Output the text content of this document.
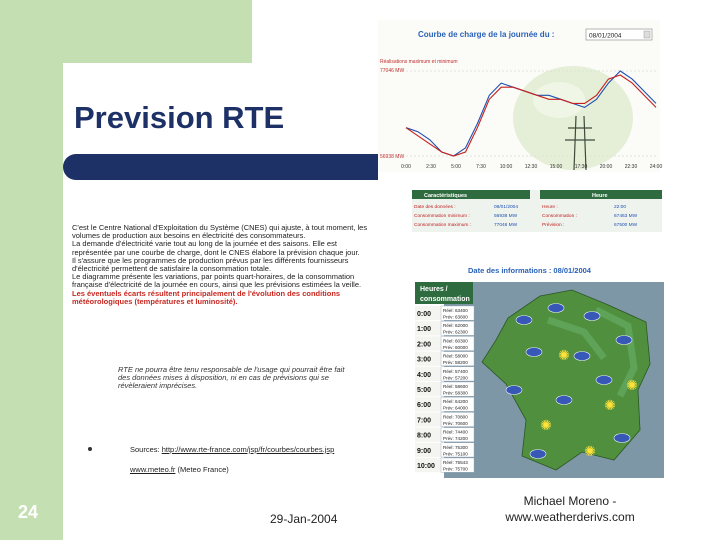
Prevision RTE

C'est le Centre National d'Exploitation du Système (CNES) qui ajuste, à tout moment, les volumes de production aux besoins en électricité des consommateurs.

La demande d'électricité varie tout au long de la journée et des saisons. Elle est représentée par une courbe de charge, dont le CNES élabore la prévision chaque jour.

Il s'assure que les programmes de production prévus par les différents fournisseurs d'électricité permettent de satisfaire la consommation totale.

Le diagramme présente les variations, par points quart-horaires, de la consommation française d'électricité de la journée en cours, ainsi que les prévisions estimées la veille. Les éventuels écarts résultent principalement de l'évolution des conditions météorologiques (températures et luminosité).

RTE ne pourra être tenu responsable de l'usage qui pourrait être fait des données mises à disposition, ni en cas de prévisions qui se révèleraient imprécises.
Sources: http://www.rte-france.com/jsp/fr/courbes/courbes.jsp
www.meteo.fr (Meteo France)
24	29-Jan-2004
Michael Moreno -
www.weatherderivs.com
Courbe de charge de la journée du :	08/01/2004
Réalisations maximum et minimum
77046 MW
56938 MW
0:00	2:30	5:00	7:30	10:00 12:30 15:00 17:30 20:00 22:30 24:00
Caractéristiques	Heure
Date des données :	08/01/2004	Heure :	22:00
Consommation minimum :	56938 MW	Consommation :	67463 MW
Consommation maximum :	77046 MW	Prévision :	67500 MW
Date des informations : 08/01/2004
✺
✺
✺
✺
✺
Heures /
consommation
0:00
Réel: 63400
Prév: 63600
1:00
Réel: 62000
Prév: 62300
2:00
Réel: 60300
Prév: 60000
3:00
Réel: 58000
Prév: 58200
4:00
Réel: 57400
Prév: 57200
5:00
Réel: 58600
Prév: 58300
6:00
Réel: 64200
Prév: 64000
7:00
Réel: 70800
Prév: 70600
8:00
Réel: 74400
Prév: 74200
9:00
Réel: 75300
Prév: 75100
10:00
Réel: 75543
Prév: 75700
